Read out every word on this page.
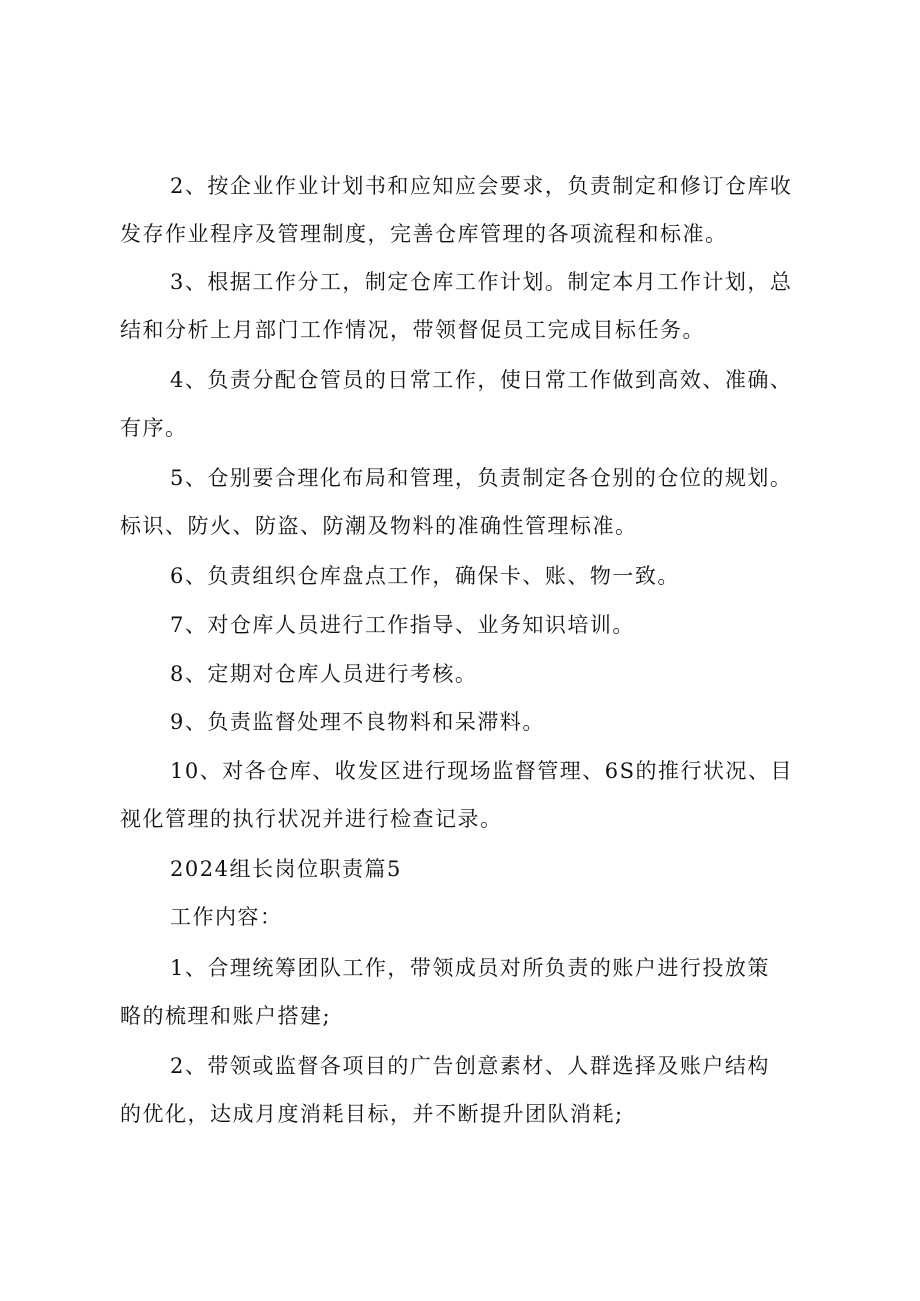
2、按企业作业计划书和应知应会要求，负责制定和修订仓库收发存作业程序及管理制度，完善仓库管理的各项流程和标准。

3、根据工作分工，制定仓库工作计划。制定本月工作计划，总结和分析上月部门工作情况，带领督促员工完成目标任务。

4、负责分配仓管员的日常工作，使日常工作做到高效、准确、有序。

5、仓别要合理化布局和管理，负责制定各仓别的仓位的规划。标识、防火、防盗、防潮及物料的准确性管理标准。

6、负责组织仓库盘点工作，确保卡、账、物一致。

7、对仓库人员进行工作指导、业务知识培训。

8、定期对仓库人员进行考核。

9、负责监督处理不良物料和呆滞料。

10、对各仓库、收发区进行现场监督管理、6S的推行状况、目视化管理的执行状况并进行检查记录。

2024组长岗位职责篇5

工作内容：

1、合理统筹团队工作，带领成员对所负责的账户进行投放策略的梳理和账户搭建;

2、带领或监督各项目的广告创意素材、人群选择及账户结构的优化，达成月度消耗目标，并不断提升团队消耗;
